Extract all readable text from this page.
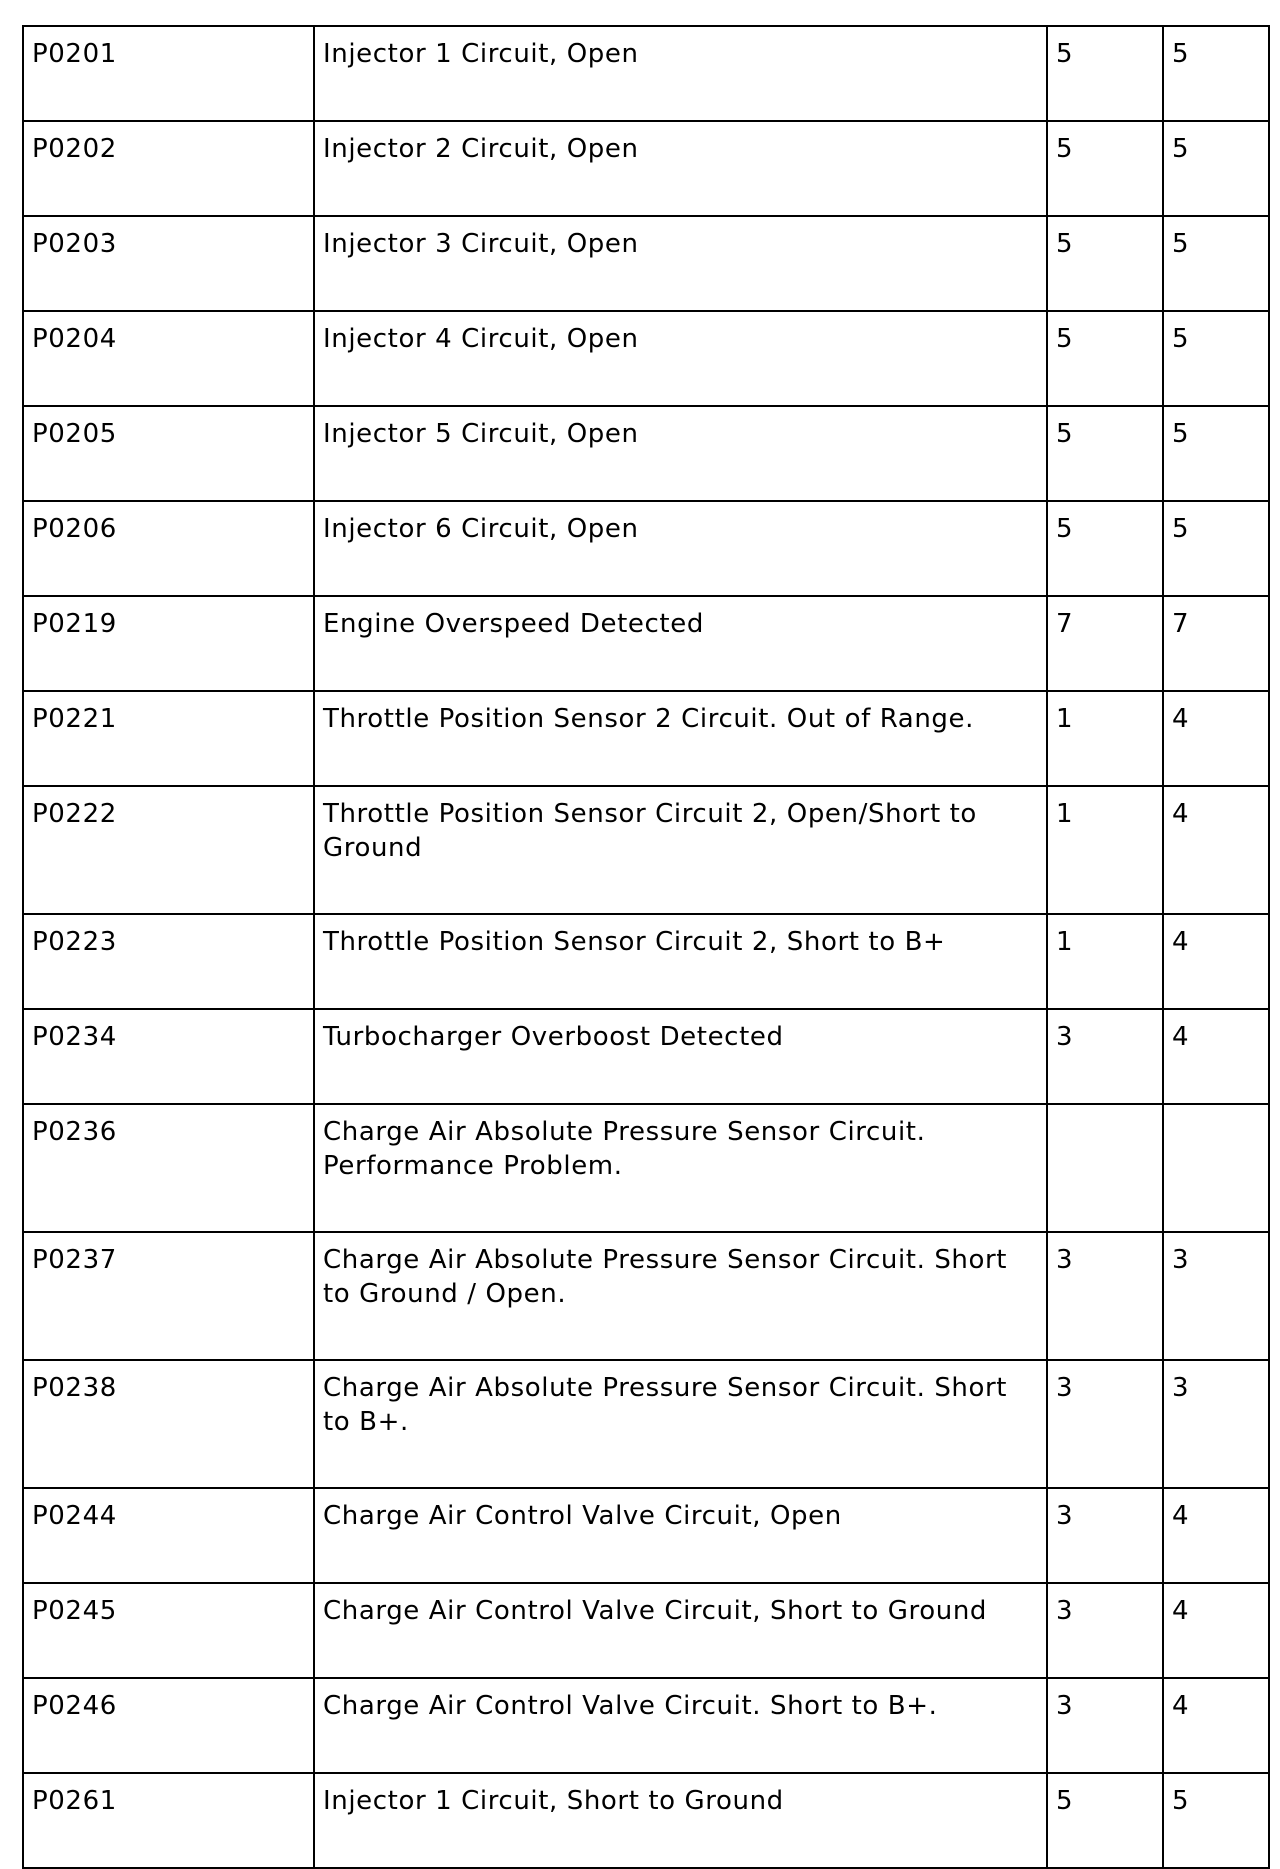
P0201	Injector 1 Circuit, Open	5	5
P0202	Injector 2 Circuit, Open	5	5
P0203	Injector 3 Circuit, Open	5	5
P0204	Injector 4 Circuit, Open	5	5
P0205	Injector 5 Circuit, Open	5	5
P0206	Injector 6 Circuit, Open	5	5
P0219	Engine Overspeed Detected	7	7
P0221	Throttle Position Sensor 2 Circuit. Out of Range.	1	4
P0222	Throttle Position Sensor Circuit 2, Open/Short to Ground	1	4
P0223	Throttle Position Sensor Circuit 2, Short to B+	1	4
P0234	Turbocharger Overboost Detected	3	4
P0236	Charge Air Absolute Pressure Sensor Circuit. Performance Problem.		
P0237	Charge Air Absolute Pressure Sensor Circuit. Short to Ground / Open.	3	3
P0238	Charge Air Absolute Pressure Sensor Circuit. Short to B+.	3	3
P0244	Charge Air Control Valve Circuit, Open	3	4
P0245	Charge Air Control Valve Circuit, Short to Ground	3	4
P0246	Charge Air Control Valve Circuit. Short to B+.	3	4
P0261	Injector 1 Circuit, Short to Ground	5	5
